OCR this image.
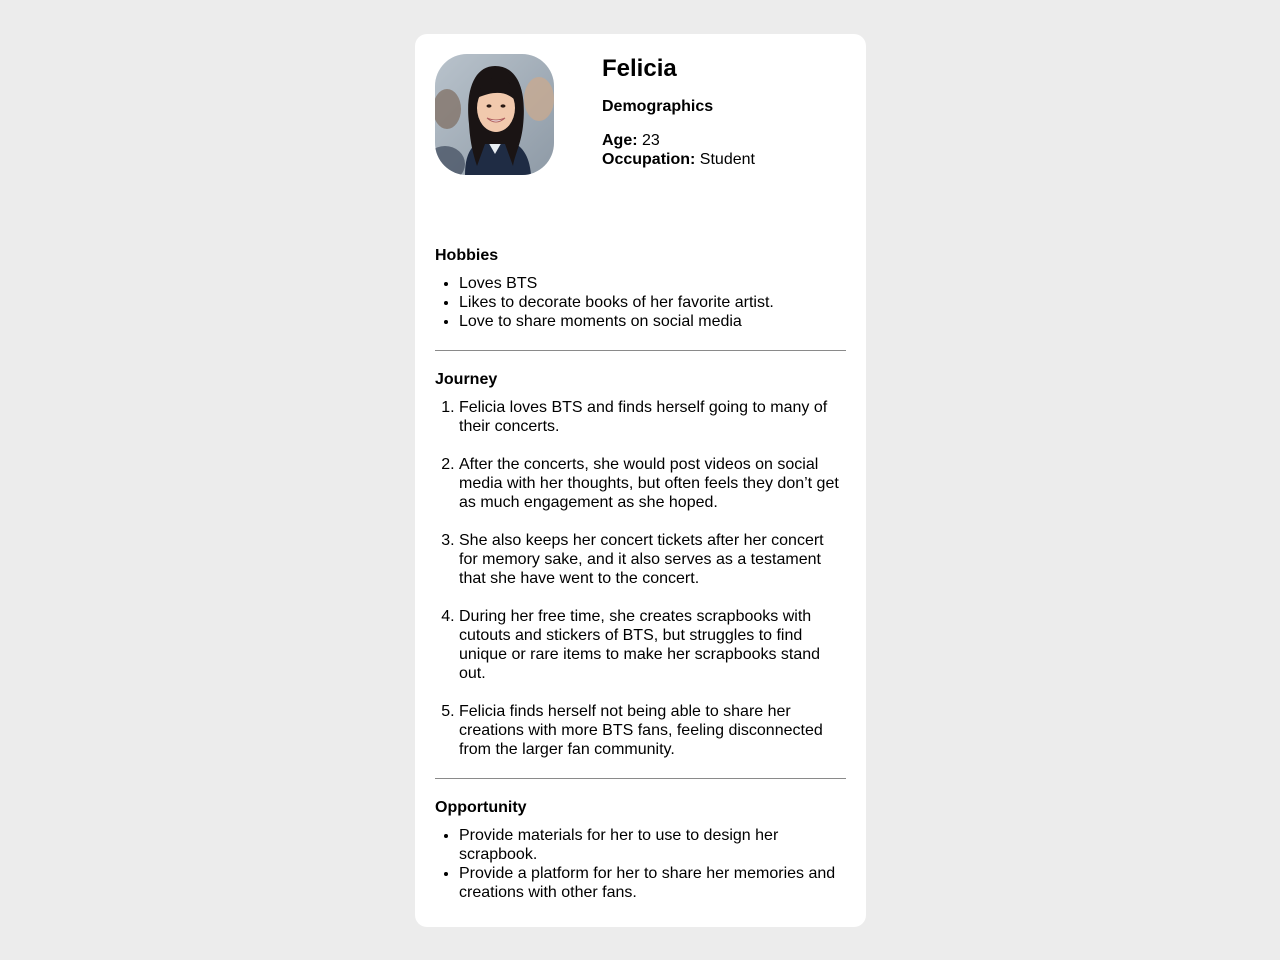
Felicia
Demographics
Age: 23
Occupation: Student
Hobbies
• Loves BTS
• Likes to decorate books of her favorite artist.
• Love to share moments on social media
Journey
1. Felicia loves BTS and finds herself going to many of their concerts.
2. After the concerts, she would post videos on social media with her thoughts, but often feels they don’t get as much engagement as she hoped.
3. She also keeps her concert tickets after her concert for memory sake, and it also serves as a testament that she have went to the concert.
4. During her free time, she creates scrapbooks with cutouts and stickers of BTS, but struggles to find unique or rare items to make her scrapbooks stand out.
5. Felicia finds herself not being able to share her creations with more BTS fans, feeling disconnected from the larger fan community.
Opportunity
• Provide materials for her to use to design her scrapbook.
• Provide a platform for her to share her memories and creations with other fans.
